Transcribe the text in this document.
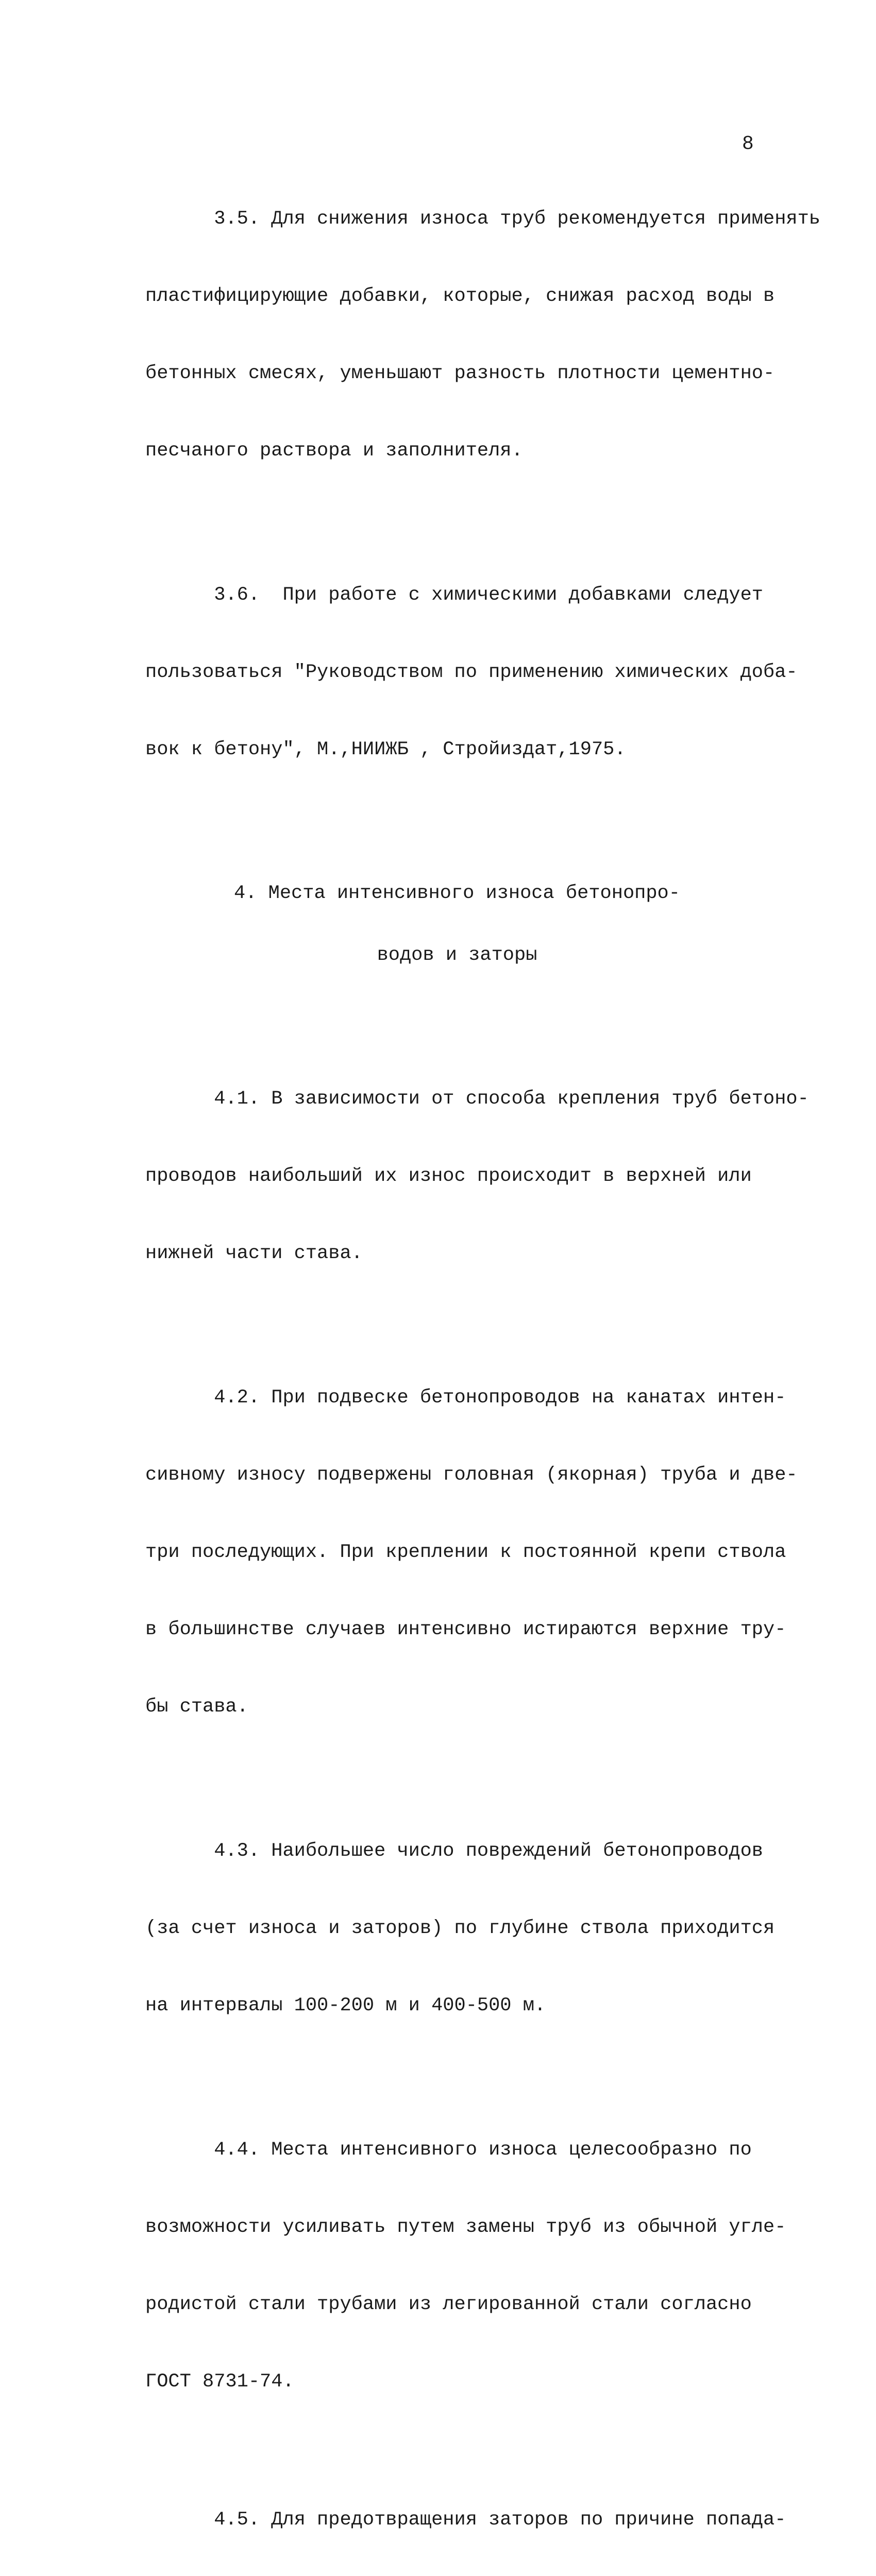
8

3.5. Для снижения износа труб рекомендуется применять

пластифицирующие добавки, которые, снижая расход воды в

бетонных смесях, уменьшают разность плотности цементно-

песчаного раствора и заполнителя.

3.6.  При работе с химическими добавками следует

пользоваться "Руководством по применению химических доба-

вок к бетону", М.,НИИЖБ , Стройиздат,1975.

4. Места интенсивного износа бетонопро-

водов и заторы

4.1. В зависимости от способа крепления труб бетоно-

проводов наибольший их износ происходит в верхней или

нижней части става.

4.2. При подвеске бетонопроводов на канатах интен-

сивному износу подвержены головная (якорная) труба и две-

три последующих. При креплении к постоянной крепи ствола

в большинстве случаев интенсивно истираются верхние тру-

бы става.

4.3. Наибольшее число повреждений бетонопроводов

(за счет износа и заторов) по глубине ствола приходится

на интервалы 100-200 м и 400-500 м.

4.4. Места интенсивного износа целесообразно по

возможности усиливать путем замены труб из обычной угле-

родистой стали трубами из легированной стали согласно

ГОСТ 8731-74.

4.5. Для предотвращения заторов по причине попада-
